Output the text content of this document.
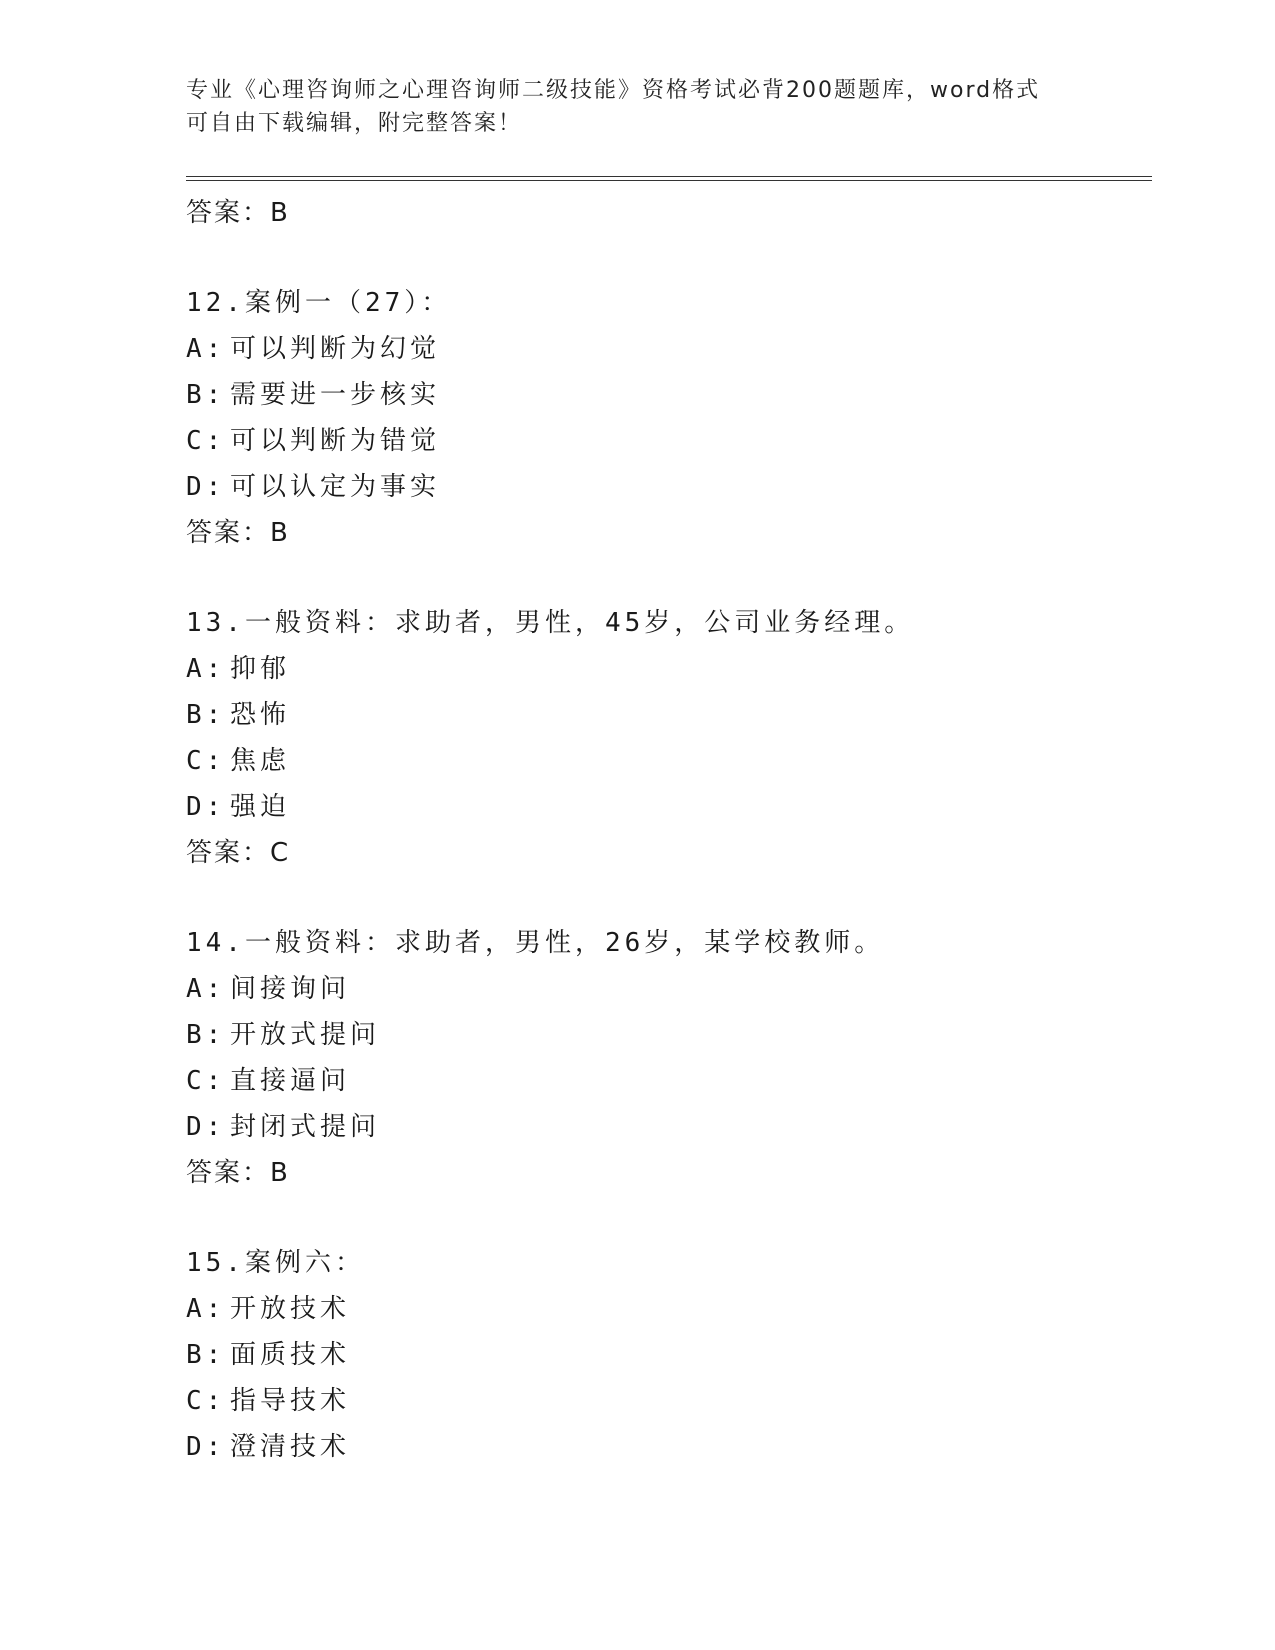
专业《心理咨询师之心理咨询师二级技能》资格考试必背200题题库，word格式
可自由下载编辑，附完整答案！
答案：B
12.案例一（27）：
A: 可以判断为幻觉
B: 需要进一步核实
C: 可以判断为错觉
D: 可以认定为事实
答案：B
13.一般资料：求助者，男性，45岁，公司业务经理。
A: 抑郁
B: 恐怖
C: 焦虑
D: 强迫
答案：C
14.一般资料：求助者，男性，26岁，某学校教师。
A: 间接询问
B: 开放式提问
C: 直接逼问
D: 封闭式提问
答案：B
15.案例六：
A: 开放技术
B: 面质技术
C: 指导技术
D: 澄清技术
